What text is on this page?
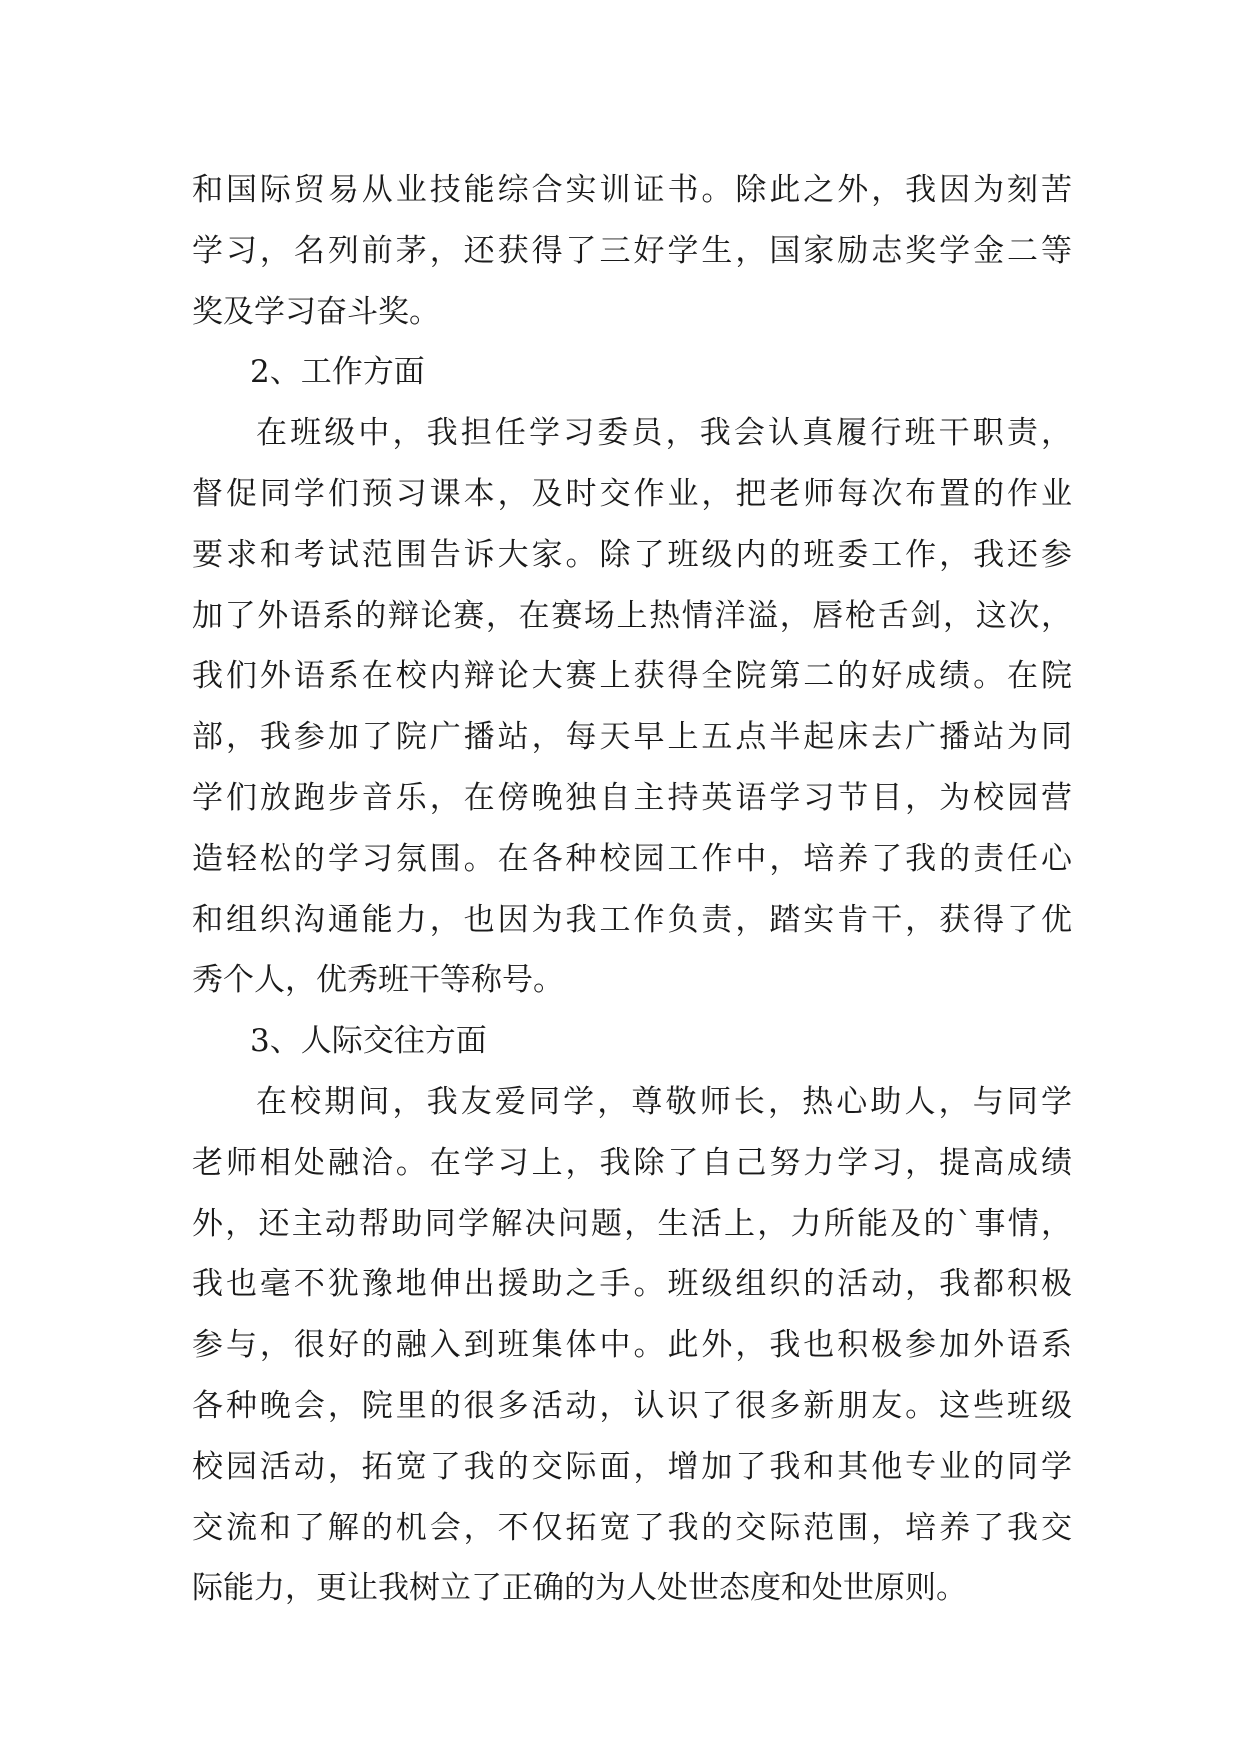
和国际贸易从业技能综合实训证书。除此之外，我因为刻苦
学习，名列前茅，还获得了三好学生，国家励志奖学金二等
奖及学习奋斗奖。
2、工作方面
在班级中，我担任学习委员，我会认真履行班干职责，
督促同学们预习课本，及时交作业，把老师每次布置的作业
要求和考试范围告诉大家。除了班级内的班委工作，我还参
加了外语系的辩论赛，在赛场上热情洋溢，唇枪舌剑，这次，
我们外语系在校内辩论大赛上获得全院第二的好成绩。在院
部，我参加了院广播站，每天早上五点半起床去广播站为同
学们放跑步音乐，在傍晚独自主持英语学习节目，为校园营
造轻松的学习氛围。在各种校园工作中，培养了我的责任心
和组织沟通能力，也因为我工作负责，踏实肯干，获得了优
秀个人，优秀班干等称号。
3、人际交往方面
在校期间，我友爱同学，尊敬师长，热心助人，与同学
老师相处融洽。在学习上，我除了自己努力学习，提高成绩
外，还主动帮助同学解决问题，生活上，力所能及的`事情，
我也毫不犹豫地伸出援助之手。班级组织的活动，我都积极
参与，很好的融入到班集体中。此外，我也积极参加外语系
各种晚会，院里的很多活动，认识了很多新朋友。这些班级
校园活动，拓宽了我的交际面，增加了我和其他专业的同学
交流和了解的机会，不仅拓宽了我的交际范围，培养了我交
际能力，更让我树立了正确的为人处世态度和处世原则。
